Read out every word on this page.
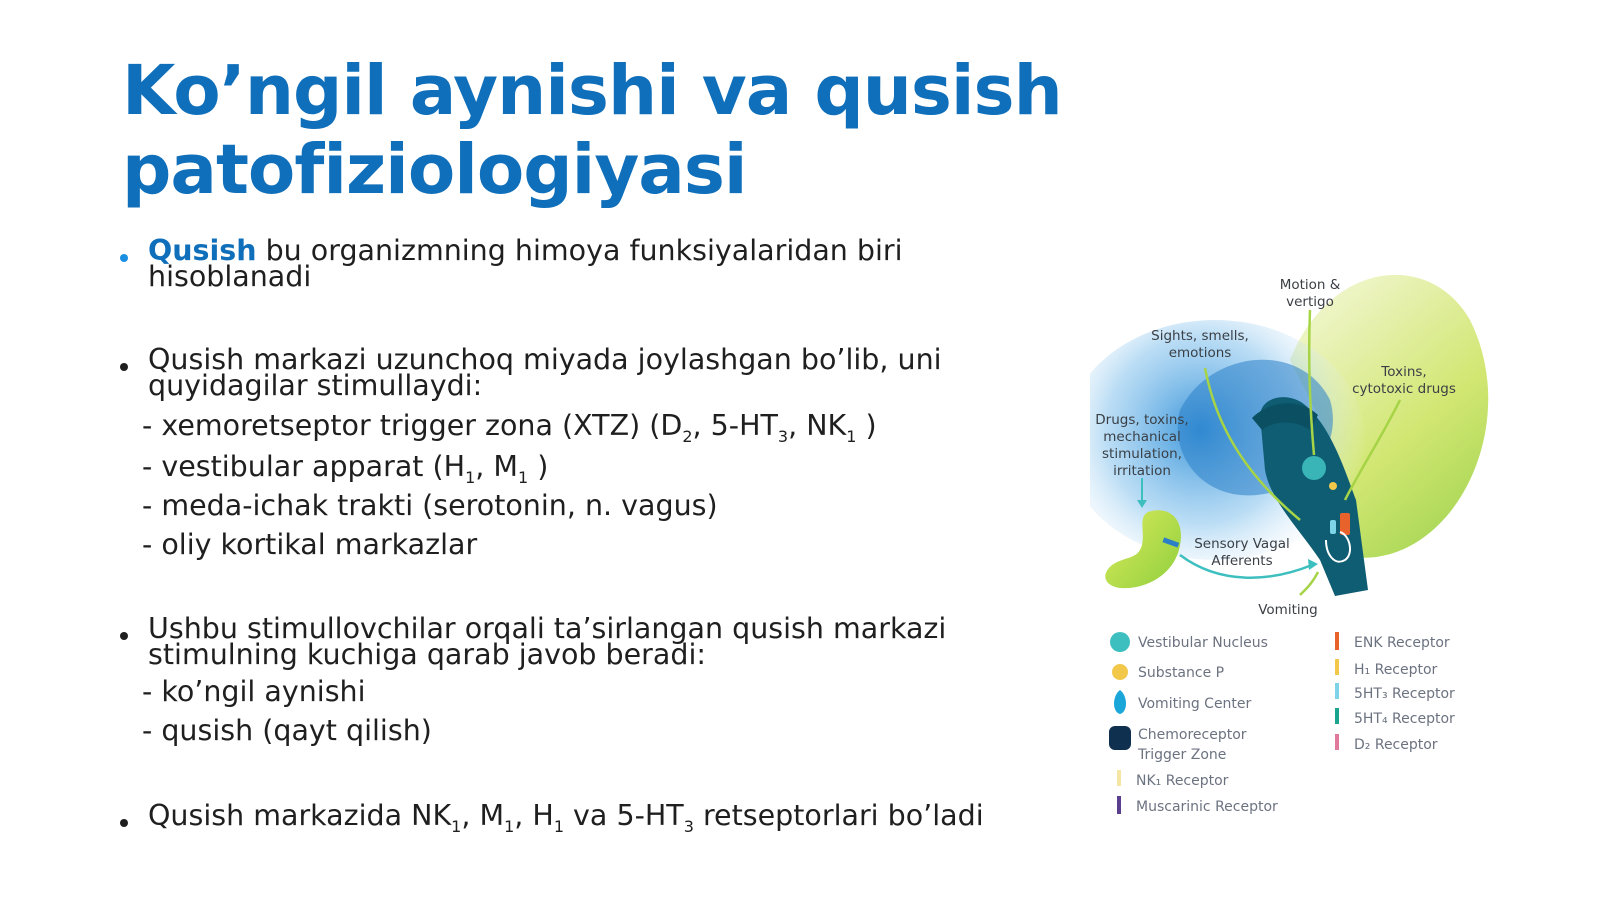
Ko’ngil aynishi va qusish
patofiziologiyasi
Qusish bu organizmning himoya funksiyalaridan biri
hisoblanadi
Qusish markazi uzunchoq miyada joylashgan bo’lib, uni
quyidagilar stimullaydi:
- xemoretseptor trigger zona (XTZ) ($D_2$, $5-HT_3$, $NK_1$ )
- vestibular apparat ($H_1$, $M_1$ )
- meda-ichak trakti (serotonin, n. vagus)
- oliy kortikal markazlar
Ushbu stimullovchilar orqali ta’sirlangan qusish markazi
stimulning kuchiga qarab javob beradi:
- ko’ngil aynishi
- qusish (qayt qilish)
Qusish markazida $NK_1$, $M_1$, $H_1$ va $5-HT_3$ retseptorlari bo’ladi
Motion &
vertigo
Sights, smells,
emotions
Toxins,
cytotoxic drugs
Drugs, toxins,
mechanical
stimulation,
irritation
Sensory Vagal
Afferents
Vomiting
Vestibular Nucleus
Substance P
Vomiting Center
Chemoreceptor
Trigger Zone
NK₁ Receptor
Muscarinic Receptor
ENK Receptor
H₁ Receptor
5HT₃ Receptor
5HT₄ Receptor
D₂ Receptor
